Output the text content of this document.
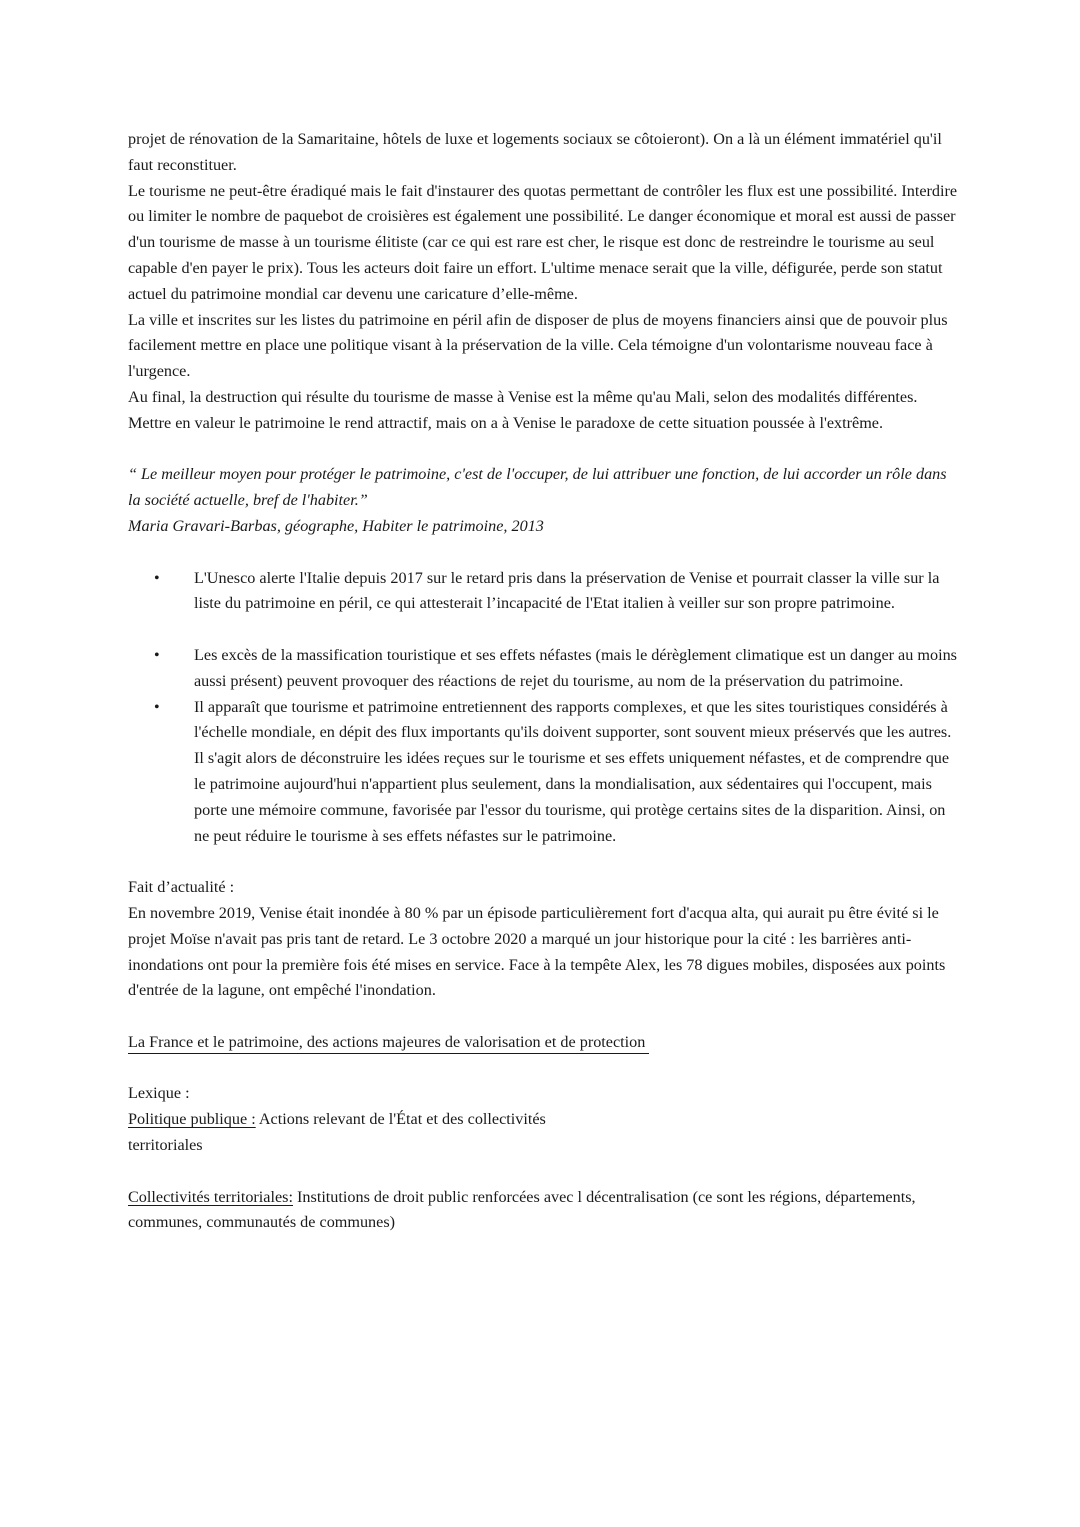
projet de rénovation de la Samaritaine, hôtels de luxe et logements sociaux se côtoieront). On a là un élément immatériel qu'il faut reconstituer.

Le tourisme ne peut-être éradiqué mais le fait d'instaurer des quotas permettant de contrôler les flux est une possibilité. Interdire ou limiter le nombre de paquebot de croisières est également une possibilité. Le danger économique et moral est aussi de passer d'un tourisme de masse à un tourisme élitiste (car ce qui est rare est cher, le risque est donc de restreindre le tourisme au seul capable d'en payer le prix). Tous les acteurs doit faire un effort. L'ultime menace serait que la ville, défigurée, perde son statut actuel du patrimoine mondial car devenu une caricature d’elle-même.

La ville et inscrites sur les listes du patrimoine en péril afin de disposer de plus de moyens financiers ainsi que de pouvoir plus facilement mettre en place une politique visant à la préservation de la ville. Cela témoigne d'un volontarisme nouveau face à l'urgence.

Au final, la destruction qui résulte du tourisme de masse à Venise est la même qu'au Mali, selon des modalités différentes. Mettre en valeur le patrimoine le rend attractif, mais on a à Venise le paradoxe de cette situation poussée à l'extrême.

“ Le meilleur moyen pour protéger le patrimoine, c'est de l'occuper, de lui attribuer une fonction, de lui accorder un rôle dans la société actuelle, bref de l'habiter.”

Maria Gravari-Barbas, géographe, Habiter le patrimoine, 2013

• L'Unesco alerte l'Italie depuis 2017 sur le retard pris dans la préservation de Venise et pourrait classer la ville sur la liste du patrimoine en péril, ce qui attesterait l’incapacité de l'Etat italien à veiller sur son propre patrimoine.
• Les excès de la massification touristique et ses effets néfastes (mais le dérèglement climatique est un danger au moins aussi présent) peuvent provoquer des réactions de rejet du tourisme, au nom de la préservation du patrimoine.
• Il apparaît que tourisme et patrimoine entretiennent des rapports complexes, et que les sites touristiques considérés à l'échelle mondiale, en dépit des flux importants qu'ils doivent supporter, sont souvent mieux préservés que les autres. Il s'agit alors de déconstruire les idées reçues sur le tourisme et ses effets uniquement néfastes, et de comprendre que le patrimoine aujourd'hui n'appartient plus seulement, dans la mondialisation, aux sédentaires qui l'occupent, mais porte une mémoire commune, favorisée par l'essor du tourisme, qui protège certains sites de la disparition. Ainsi, on ne peut réduire le tourisme à ses effets néfastes sur le patrimoine.

Fait d’actualité :

En novembre 2019, Venise était inondée à 80 % par un épisode particulièrement fort d'acqua alta, qui aurait pu être évité si le projet Moïse n'avait pas pris tant de retard. Le 3 octobre 2020 a marqué un jour historique pour la cité : les barrières anti-inondations ont pour la première fois été mises en service. Face à la tempête Alex, les 78 digues mobiles, disposées aux points d'entrée de la lagune, ont empêché l'inondation.

La France et le patrimoine, des actions majeures de valorisation et de protection

Lexique :

Politique publique : Actions relevant de l'État et des collectivités

territoriales

Collectivités territoriales: Institutions de droit public renforcées avec l décentralisation (ce sont les régions, départements, communes, communautés de communes)
